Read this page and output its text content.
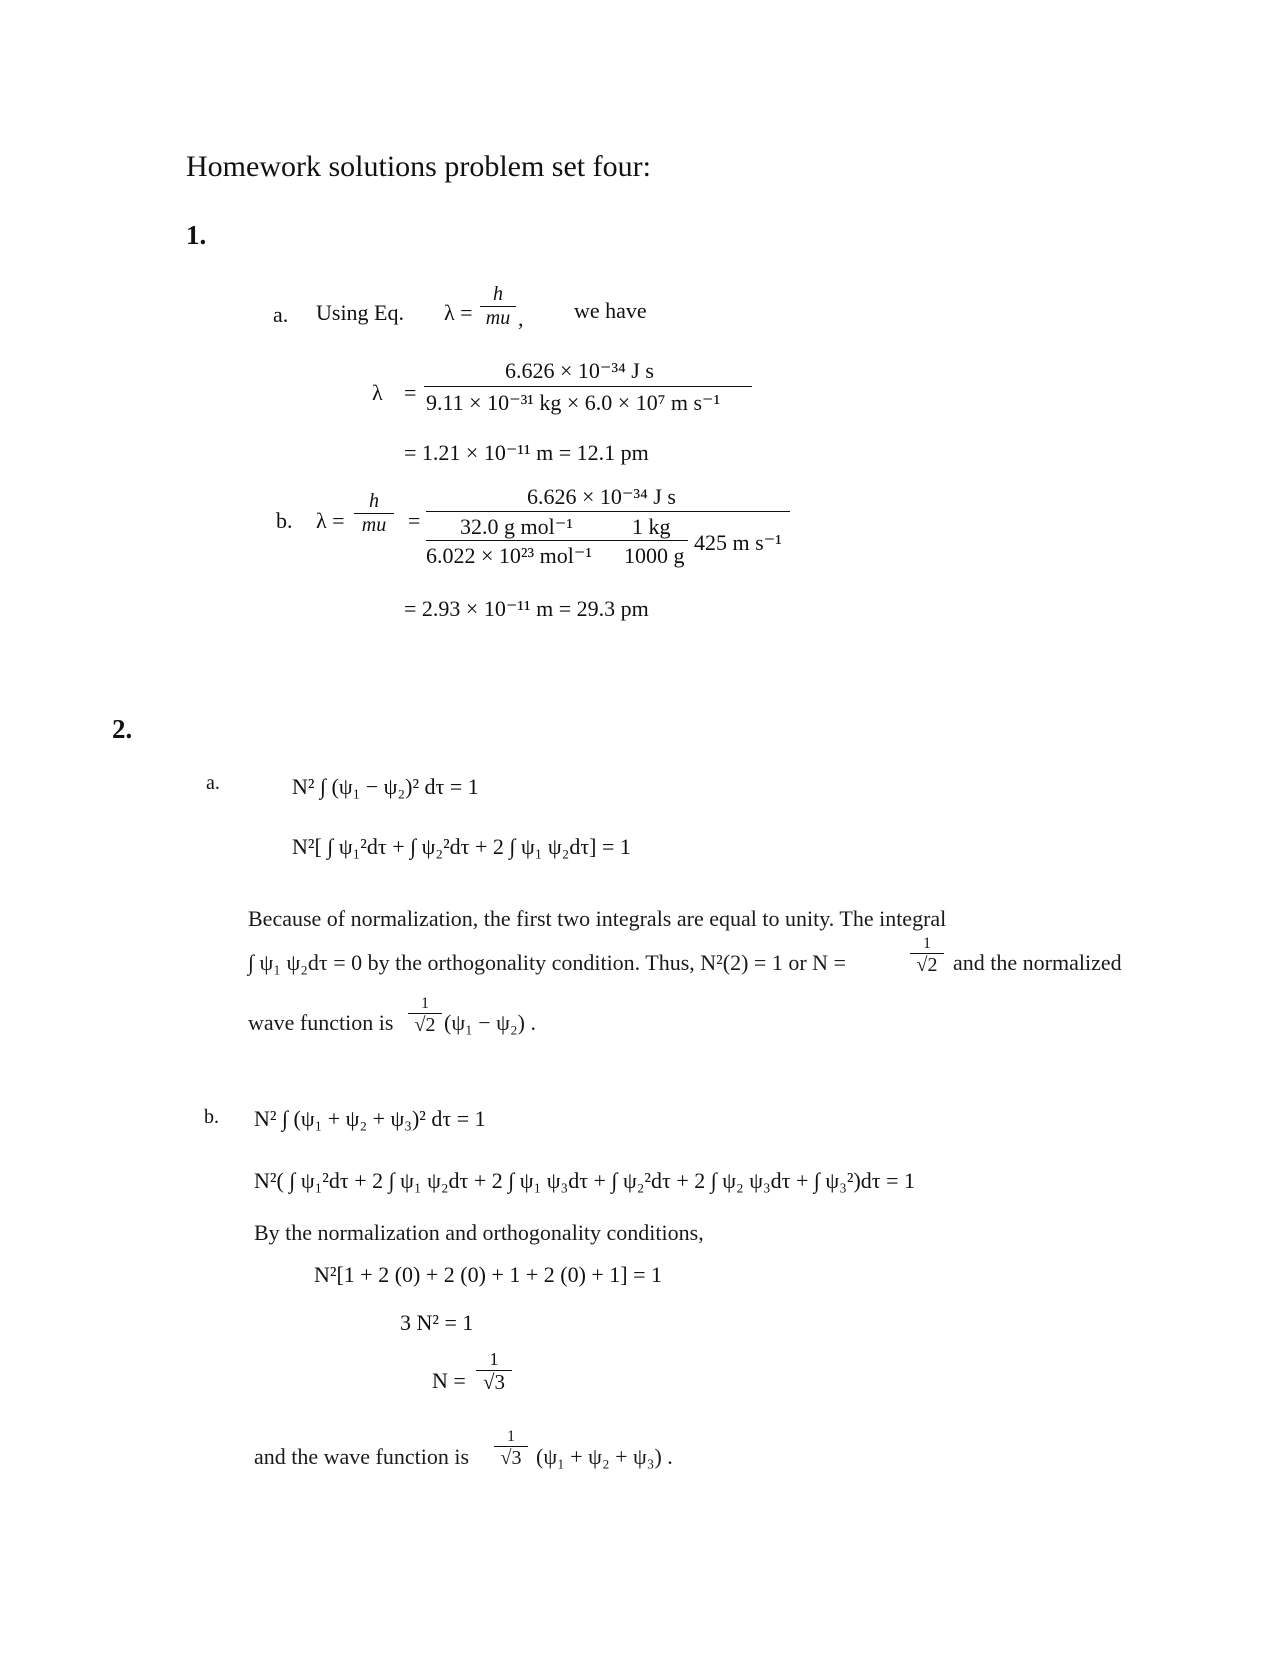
Homework solutions problem set four:
1.
a. Using Eq. $\lambda = \frac{h}{mu}$ , we have
λ =
6.626 × 10⁻³⁴ J s
9.11 × 10⁻³¹ kg × 6.0 × 10⁷ m s⁻¹
= 1.21 × 10⁻¹¹ m = 12.1 pm
b. $\lambda = \frac{h}{mu}$ =
6.626 × 10⁻³⁴ J s
32.0 g mol⁻¹
6.022 × 10²³ mol⁻¹
1 kg
1000 g
425 m s⁻¹
= 2.93 × 10⁻¹¹ m = 29.3 pm
2.
a.	N² ∫ (ψ₁ − ψ₂)² dτ = 1
N²[ ∫ ψ₁²dτ + ∫ ψ₂²dτ + 2 ∫ ψ₁ ψ₂dτ] = 1
Because of normalization, the first two integrals are equal to unity. The integral
∫ ψ₁ ψ₂dτ = 0 by the orthogonality condition. Thus, N²(2) = 1 or N =
1
√2 and the normalized
wave function is
1
√2 (ψ₁ − ψ₂) .
b. N² ∫ (ψ₁ + ψ₂ + ψ₃)² dτ = 1
N²( ∫ ψ₁²dτ + 2 ∫ ψ₁ ψ₂dτ + 2 ∫ ψ₁ ψ₃dτ + ∫ ψ₂²dτ + 2 ∫ ψ₂ ψ₃dτ + ∫ ψ₃²)dτ = 1
By the normalization and orthogonality conditions,
N²[1 + 2 (0) + 2 (0) + 1 + 2 (0) + 1] = 1
3 N² = 1
$N = \frac{1}{√3}$
and the wave function is
1
√3 (ψ₁ + ψ₂ + ψ₃) .
